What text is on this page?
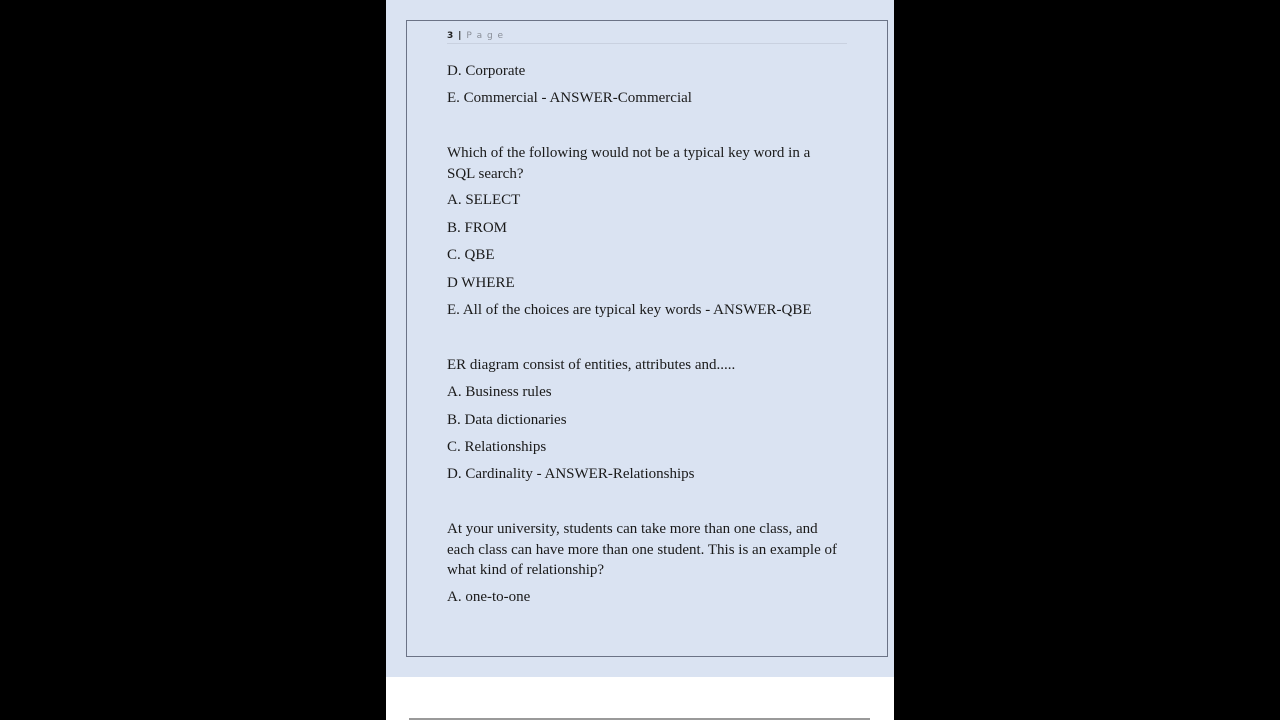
3 | P a g e
D. Corporate
E. Commercial - ANSWER-Commercial
Which of the following would not be a typical key word in a SQL search?
A. SELECT
B. FROM
C. QBE
D WHERE
E. All of the choices are typical key words - ANSWER-QBE
ER diagram consist of entities, attributes and.....
A. Business rules
B. Data dictionaries
C. Relationships
D. Cardinality - ANSWER-Relationships
At your university, students can take more than one class, and each class can have more than one student. This is an example of what kind of relationship?
A. one-to-one
